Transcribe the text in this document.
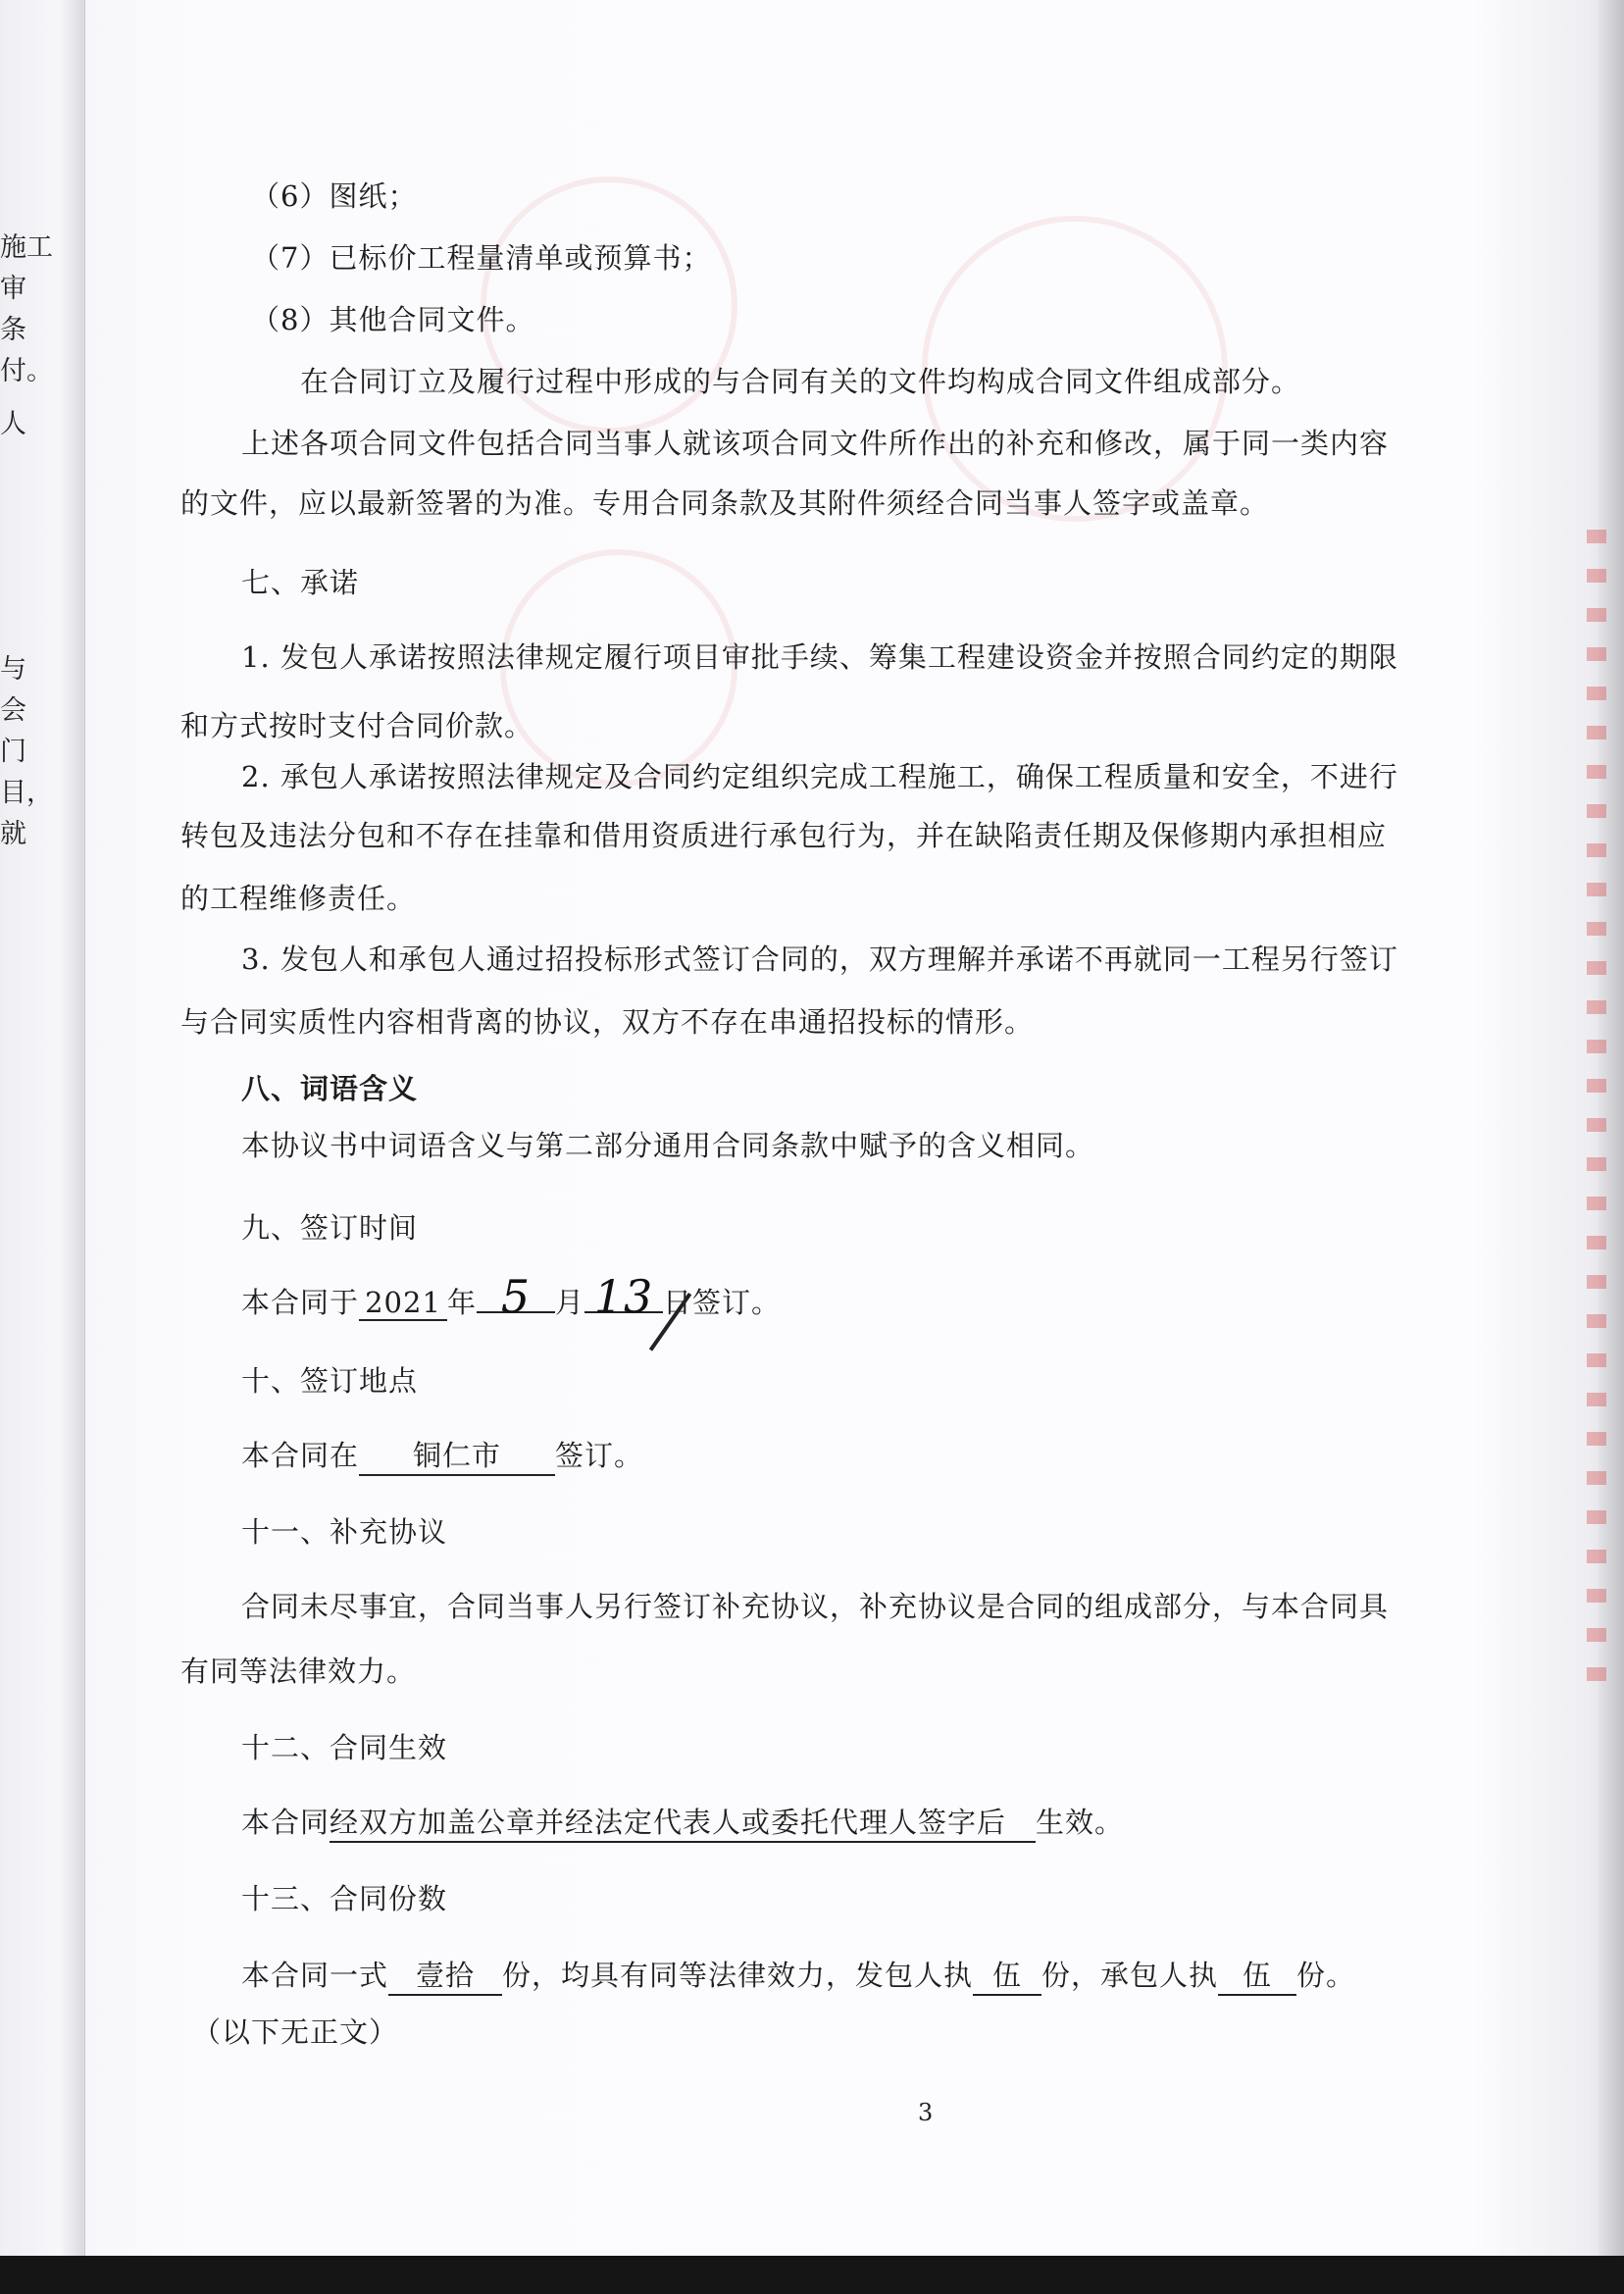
施工
审
条
付。
人
与
会
门
目，
就
（6）图纸；
（7）已标价工程量清单或预算书；
（8）其他合同文件。
在合同订立及履行过程中形成的与合同有关的文件均构成合同文件组成部分。
上述各项合同文件包括合同当事人就该项合同文件所作出的补充和修改，属于同一类内容
的文件，应以最新签署的为准。专用合同条款及其附件须经合同当事人签字或盖章。
七、承诺
1. 发包人承诺按照法律规定履行项目审批手续、筹集工程建设资金并按照合同约定的期限
和方式按时支付合同价款。
2. 承包人承诺按照法律规定及合同约定组织完成工程施工，确保工程质量和安全，不进行
转包及违法分包和不存在挂靠和借用资质进行承包行为，并在缺陷责任期及保修期内承担相应
的工程维修责任。
3. 发包人和承包人通过招投标形式签订合同的，双方理解并承诺不再就同一工程另行签订
与合同实质性内容相背离的协议，双方不存在串通招投标的情形。
八、词语含义
本协议书中词语含义与第二部分通用合同条款中赋予的含义相同。
九、签订时间
本合同于 2021 年 5 月 13 日签订。
十、签订地点
本合同在 铜仁市 签订。
十一、补充协议
合同未尽事宜，合同当事人另行签订补充协议，补充协议是合同的组成部分，与本合同具
有同等法律效力。
十二、合同生效
本合同经双方加盖公章并经法定代表人或委托代理人签字后 生效。
十三、合同份数
本合同一式 壹拾 份，均具有同等法律效力，发包人执 伍 份，承包人执 伍 份。
（以下无正文）
3
